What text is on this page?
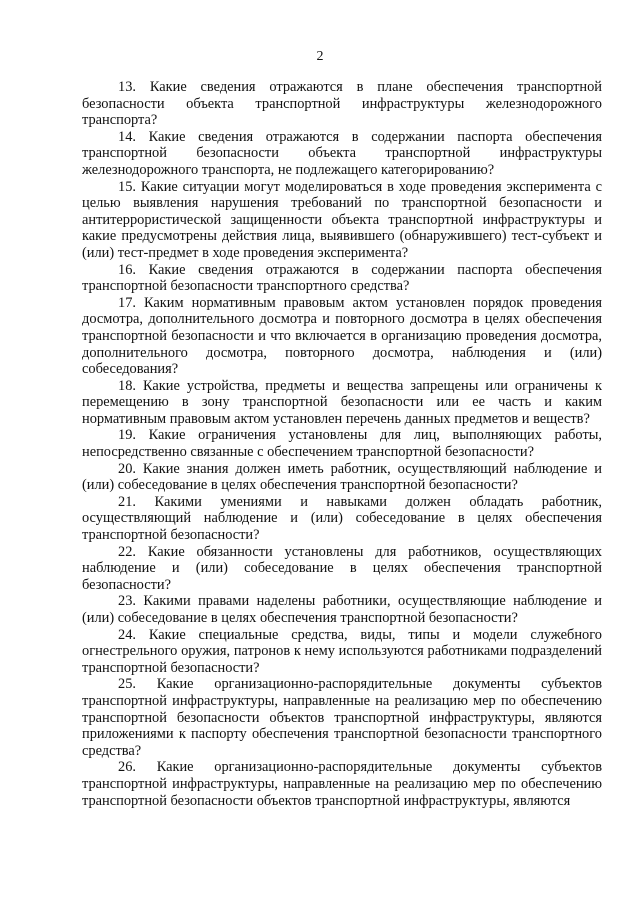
2

13. Какие сведения отражаются в плане обеспечения транспортной безопасности объекта транспортной инфраструктуры железнодорожного транспорта?

14. Какие сведения отражаются в содержании паспорта обеспечения транспортной безопасности объекта транспортной инфраструктуры железнодорожного транспорта, не подлежащего категорированию?

15. Какие ситуации могут моделироваться в ходе проведения эксперимента с целью выявления нарушения требований по транспортной безопасности и антитеррористической защищенности объекта транспортной инфраструктуры и какие предусмотрены действия лица, выявившего (обнаружившего) тест-субъект и (или) тест-предмет в ходе проведения эксперимента?

16. Какие сведения отражаются в содержании паспорта обеспечения транспортной безопасности транспортного средства?

17. Каким нормативным правовым актом установлен порядок проведения досмотра, дополнительного досмотра и повторного досмотра в целях обеспечения транспортной безопасности и что включается в организацию проведения досмотра, дополнительного досмотра, повторного досмотра, наблюдения и (или) собеседования?

18. Какие устройства, предметы и вещества запрещены или ограничены к перемещению в зону транспортной безопасности или ее часть и каким нормативным правовым актом установлен перечень данных предметов и веществ?

19. Какие ограничения установлены для лиц, выполняющих работы, непосредственно связанные с обеспечением транспортной безопасности?

20. Какие знания должен иметь работник, осуществляющий наблюдение и (или) собеседование в целях обеспечения транспортной безопасности?

21. Какими умениями и навыками должен обладать работник, осуществляющий наблюдение и (или) собеседование в целях обеспечения транспортной безопасности?

22. Какие обязанности установлены для работников, осуществляющих наблюдение и (или) собеседование в целях обеспечения транспортной безопасности?

23. Какими правами наделены работники, осуществляющие наблюдение и (или) собеседование в целях обеспечения транспортной безопасности?

24. Какие специальные средства, виды, типы и модели служебного огнестрельного оружия, патронов к нему используются работниками подразделений транспортной безопасности?

25. Какие организационно-распорядительные документы субъектов транспортной инфраструктуры, направленные на реализацию мер по обеспечению транспортной безопасности объектов транспортной инфраструктуры, являются приложениями к паспорту обеспечения транспортной безопасности транспортного средства?

26. Какие организационно-распорядительные документы субъектов транспортной инфраструктуры, направленные на реализацию мер по обеспечению транспортной безопасности объектов транспортной инфраструктуры, являются
